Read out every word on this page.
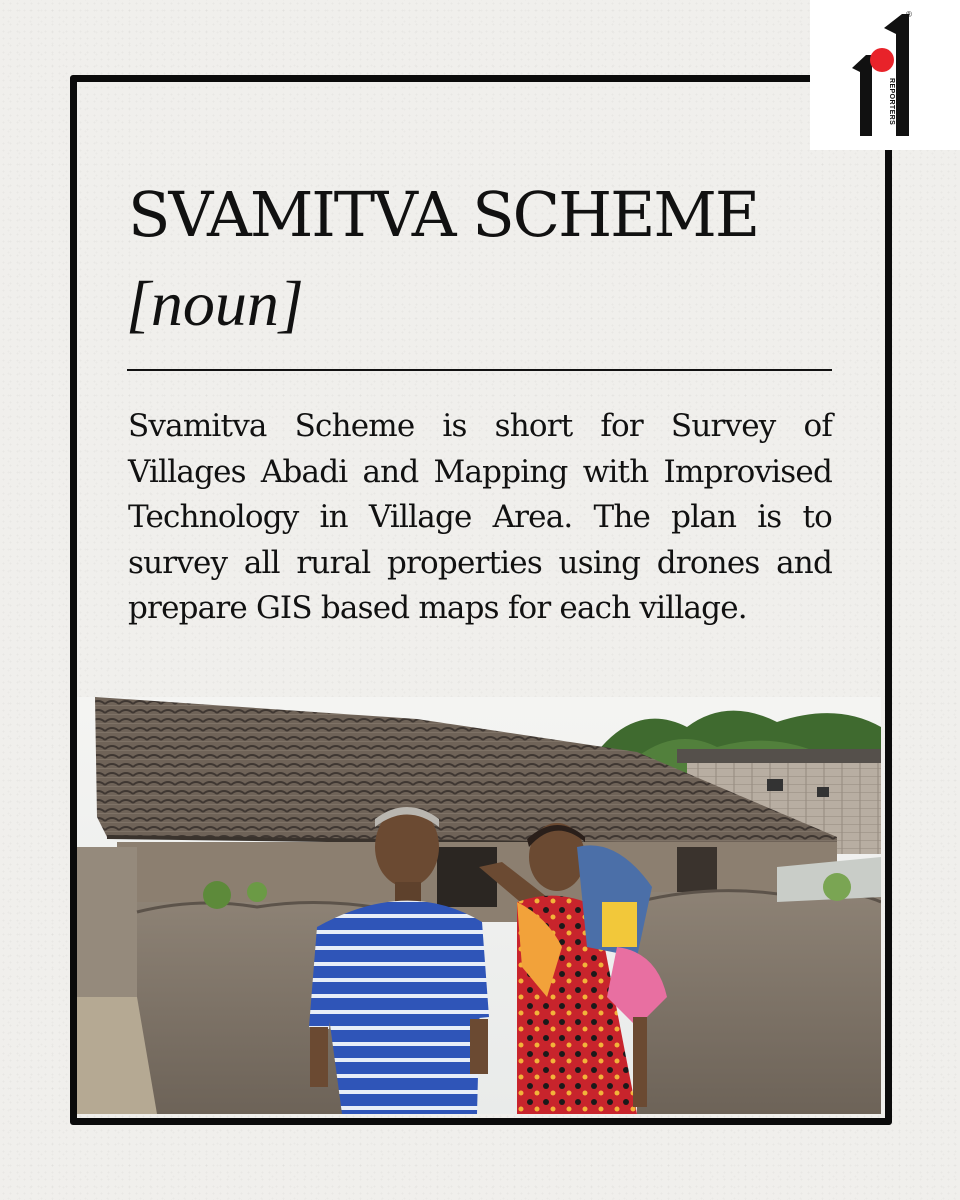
SVAMITVA SCHEME
[noun]

Svamitva Scheme is short for Survey of Villages Abadi and Mapping with Improvised Technology in Village Area. The plan is to survey all rural properties using drones and prepare GIS based maps for each village.

®
REPORTERS
